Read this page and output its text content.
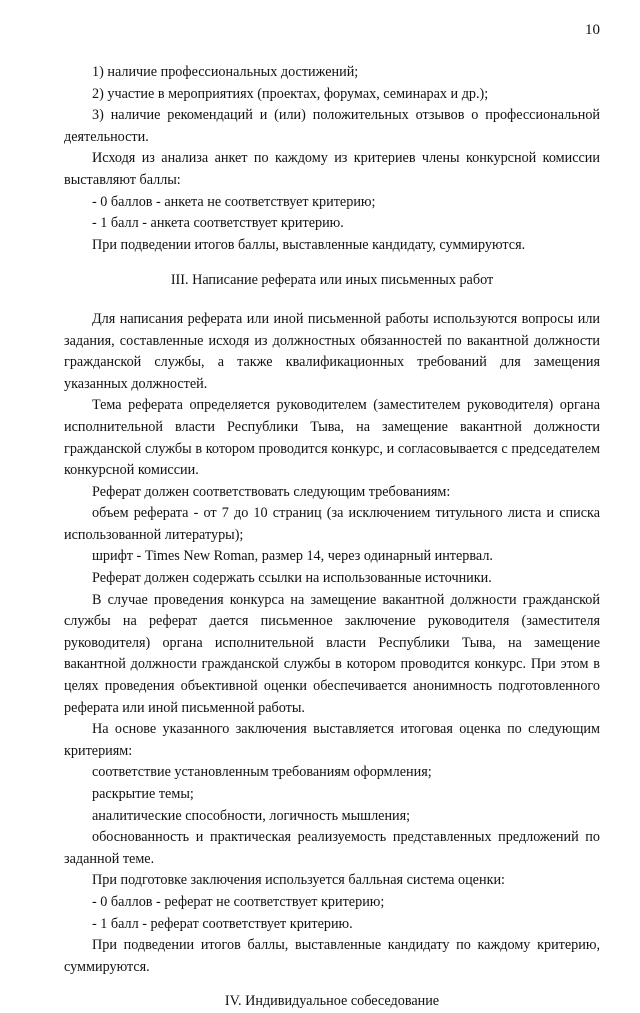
10

1) наличие профессиональных достижений;

2) участие в мероприятиях (проектах, форумах, семинарах и др.);

3) наличие рекомендаций и (или) положительных отзывов о профессиональной деятельности.

Исходя из анализа анкет по каждому из критериев члены конкурсной комиссии выставляют баллы:

- 0 баллов - анкета не соответствует критерию;

- 1 балл - анкета соответствует критерию.

При подведении итогов баллы, выставленные кандидату, суммируются.

III. Написание реферата или иных письменных работ

Для написания реферата или иной письменной работы используются вопросы или задания, составленные исходя из должностных обязанностей по вакантной должности гражданской службы, а также квалификационных требований для замещения указанных должностей.

Тема реферата определяется руководителем (заместителем руководителя) органа исполнительной власти Республики Тыва, на замещение вакантной должности гражданской службы в котором проводится конкурс, и согласовывается с председателем конкурсной комиссии.

Реферат должен соответствовать следующим требованиям:

объем реферата - от 7 до 10 страниц (за исключением титульного листа и списка использованной литературы);

шрифт - Times New Roman, размер 14, через одинарный интервал.

Реферат должен содержать ссылки на использованные источники.

В случае проведения конкурса на замещение вакантной должности гражданской службы на реферат дается письменное заключение руководителя (заместителя руководителя) органа исполнительной власти Республики Тыва, на замещение вакантной должности гражданской службы в котором проводится конкурс. При этом в целях проведения объективной оценки обеспечивается анонимность подготовленного реферата или иной письменной работы.

На основе указанного заключения выставляется итоговая оценка по следующим критериям:

соответствие установленным требованиям оформления;

раскрытие темы;

аналитические способности, логичность мышления;

обоснованность и практическая реализуемость представленных предложений по заданной теме.

При подготовке заключения используется балльная система оценки:

- 0 баллов - реферат не соответствует критерию;

- 1 балл - реферат соответствует критерию.

При подведении итогов баллы, выставленные кандидату по каждому критерию, суммируются.

IV. Индивидуальное собеседование
